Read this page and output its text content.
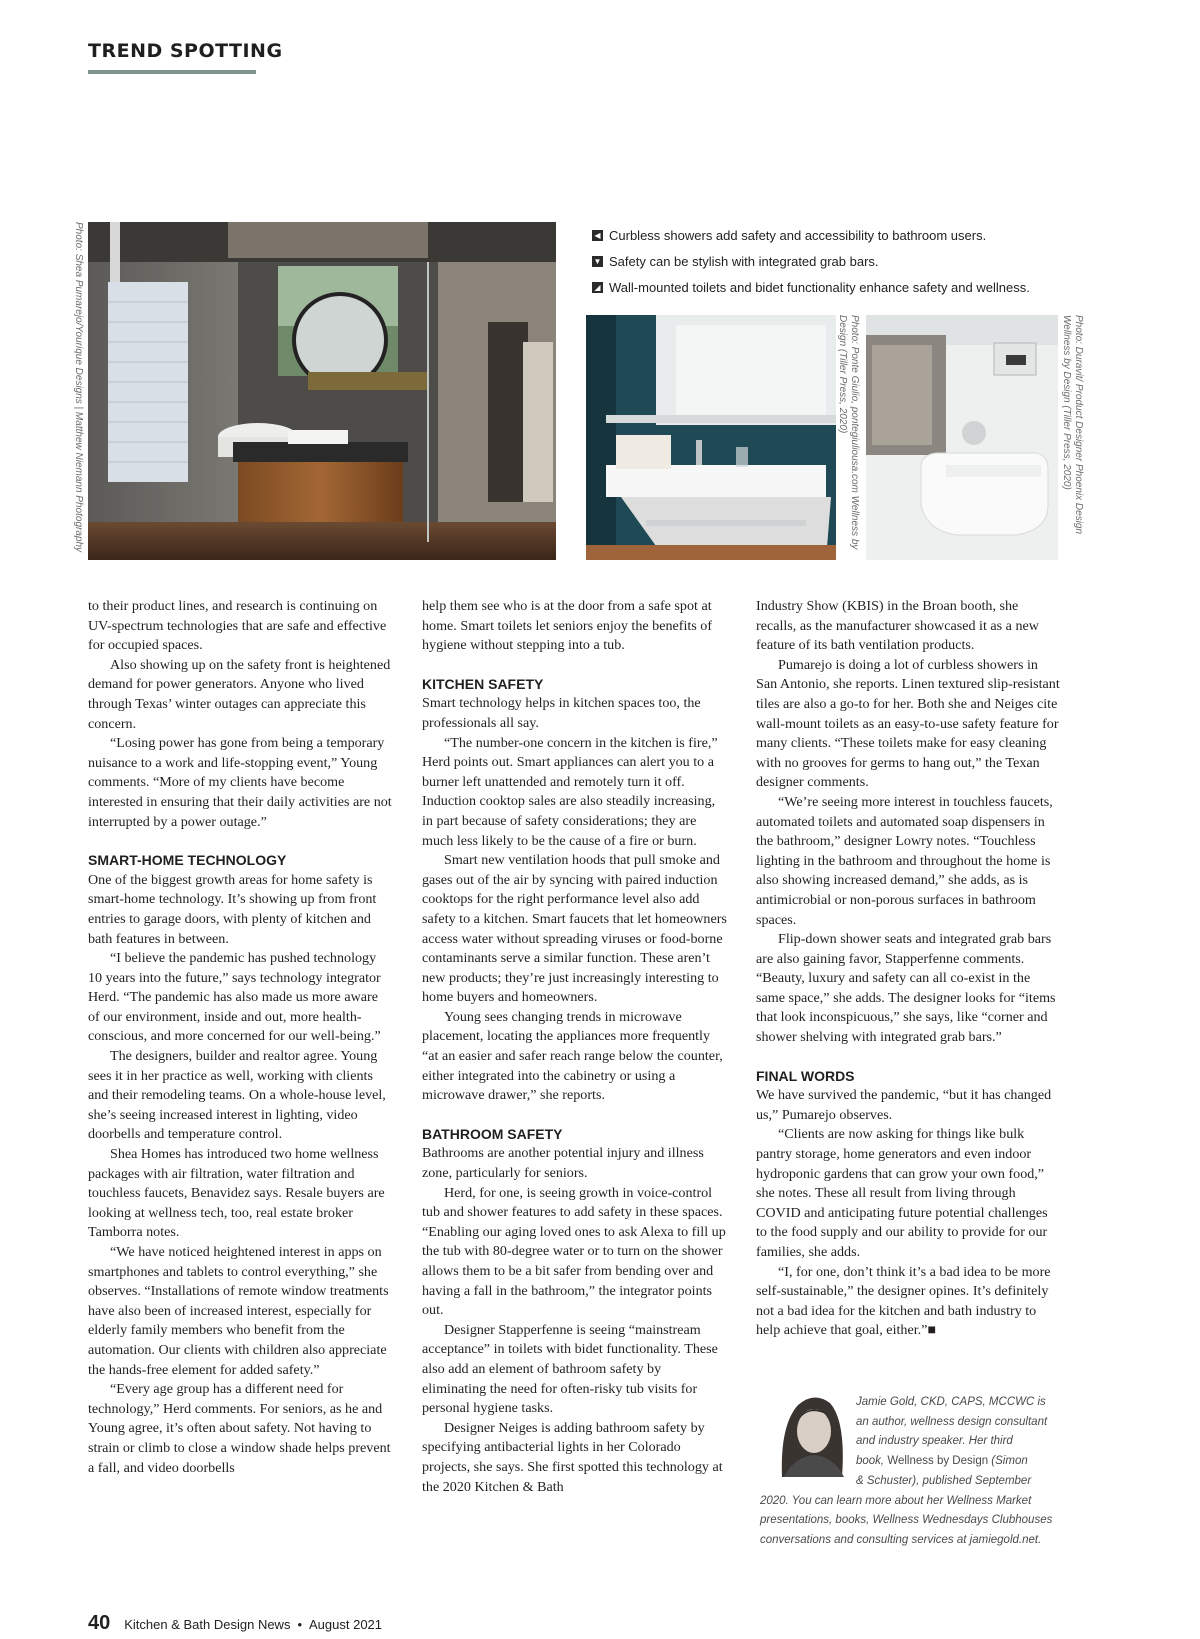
TREND SPOTTING
Photo: Shea Pumarejo/Yourique Designs | Matthew Niemann Photography	◀ Curbless showers add safety and accessibility to bathroom users.
▼ Safety can be stylish with integrated grab bars.
◢ Wall-mounted toilets and bidet functionality enhance safety and wellness.
Photo: Ponte Giulio, pontegiuliousa.com Wellness by Design (Tiller Press, 2020)	Photo: Duravit/ Product Designer Phoenix Design Wellness by Design (Tiller Press, 2020)

to their product lines, and research is continuing on UV-spectrum technologies that are safe and effective for occupied spaces.

Also showing up on the safety front is heightened demand for power generators. Anyone who lived through Texas’ winter outages can appreciate this concern.

“Losing power has gone from being a temporary nuisance to a work and life-stopping event,” Young comments. “More of my clients have become interested in ensuring that their daily activities are not interrupted by a power outage.”

SMART-HOME TECHNOLOGY

One of the biggest growth areas for home safety is smart-home technology. It’s showing up from front entries to garage doors, with plenty of kitchen and bath features in between.

“I believe the pandemic has pushed technology 10 years into the future,” says technology integrator Herd. “The pandemic has also made us more aware of our environment, inside and out, more health-conscious, and more concerned for our well-being.”

The designers, builder and realtor agree. Young sees it in her practice as well, working with clients and their remodeling teams. On a whole-house level, she’s seeing increased interest in lighting, video doorbells and temperature control.

Shea Homes has introduced two home wellness packages with air filtration, water filtration and touchless faucets, Benavidez says. Resale buyers are looking at wellness tech, too, real estate broker Tamborra notes.

“We have noticed heightened interest in apps on smartphones and tablets to control everything,” she observes. “Installations of remote window treatments have also been of increased interest, especially for elderly family members who benefit from the automation. Our clients with children also appreciate the hands-free element for added safety.”

“Every age group has a different need for technology,” Herd comments. For seniors, as he and Young agree, it’s often about safety. Not having to strain or climb to close a window shade helps prevent a fall, and video doorbells

help them see who is at the door from a safe spot at home. Smart toilets let seniors enjoy the benefits of hygiene without stepping into a tub.

KITCHEN SAFETY

Smart technology helps in kitchen spaces too, the professionals all say.

“The number-one concern in the kitchen is fire,” Herd points out. Smart appliances can alert you to a burner left unattended and remotely turn it off. Induction cooktop sales are also steadily increasing, in part because of safety considerations; they are much less likely to be the cause of a fire or burn.

Smart new ventilation hoods that pull smoke and gases out of the air by syncing with paired induction cooktops for the right performance level also add safety to a kitchen. Smart faucets that let homeowners access water without spreading viruses or food-borne contaminants serve a similar function. These aren’t new products; they’re just increasingly interesting to home buyers and homeowners.

Young sees changing trends in microwave placement, locating the appliances more frequently “at an easier and safer reach range below the counter, either integrated into the cabinetry or using a microwave drawer,” she reports.

BATHROOM SAFETY

Bathrooms are another potential injury and illness zone, particularly for seniors.

Herd, for one, is seeing growth in voice-control tub and shower features to add safety in these spaces. “Enabling our aging loved ones to ask Alexa to fill up the tub with 80-degree water or to turn on the shower allows them to be a bit safer from bending over and having a fall in the bathroom,” the integrator points out.

Designer Stapperfenne is seeing “mainstream acceptance” in toilets with bidet functionality. These also add an element of bathroom safety by eliminating the need for often-risky tub visits for personal hygiene tasks.

Designer Neiges is adding bathroom safety by specifying antibacterial lights in her Colorado projects, she says. She first spotted this technology at the 2020 Kitchen & Bath

Industry Show (KBIS) in the Broan booth, she recalls, as the manufacturer showcased it as a new feature of its bath ventilation products.

Pumarejo is doing a lot of curbless showers in San Antonio, she reports. Linen textured slip-resistant tiles are also a go-to for her. Both she and Neiges cite wall-mount toilets as an easy-to-use safety feature for many clients. “These toilets make for easy cleaning with no grooves for germs to hang out,” the Texan designer comments.

“We’re seeing more interest in touchless faucets, automated toilets and automated soap dispensers in the bathroom,” designer Lowry notes. “Touchless lighting in the bathroom and throughout the home is also showing increased demand,” she adds, as is antimicrobial or non-porous surfaces in bathroom spaces.

Flip-down shower seats and integrated grab bars are also gaining favor, Stapperfenne comments. “Beauty, luxury and safety can all co-exist in the same space,” she adds. The designer looks for “items that look inconspicuous,” she says, like “corner and shower shelving with integrated grab bars.”

FINAL WORDS

We have survived the pandemic, “but it has changed us,” Pumarejo observes.

“Clients are now asking for things like bulk pantry storage, home generators and even indoor hydroponic gardens that can grow your own food,” she notes. These all result from living through COVID and anticipating future potential challenges to the food supply and our ability to provide for our families, she adds.

“I, for one, don’t think it’s a bad idea to be more self-sustainable,” the designer opines. It’s definitely not a bad idea for the kitchen and bath industry to help achieve that goal, either.”■

Jamie Gold, CKD, CAPS, MCCWC is
an author, wellness design consultant
and industry speaker. Her third
book, Wellness by Design (Simon
& Schuster), published September
2020. You can learn more about her Wellness Market
presentations, books, Wellness Wednesdays Clubhouses
conversations and consulting services at jamiegold.net.
40 Kitchen & Bath Design News • August 2021
